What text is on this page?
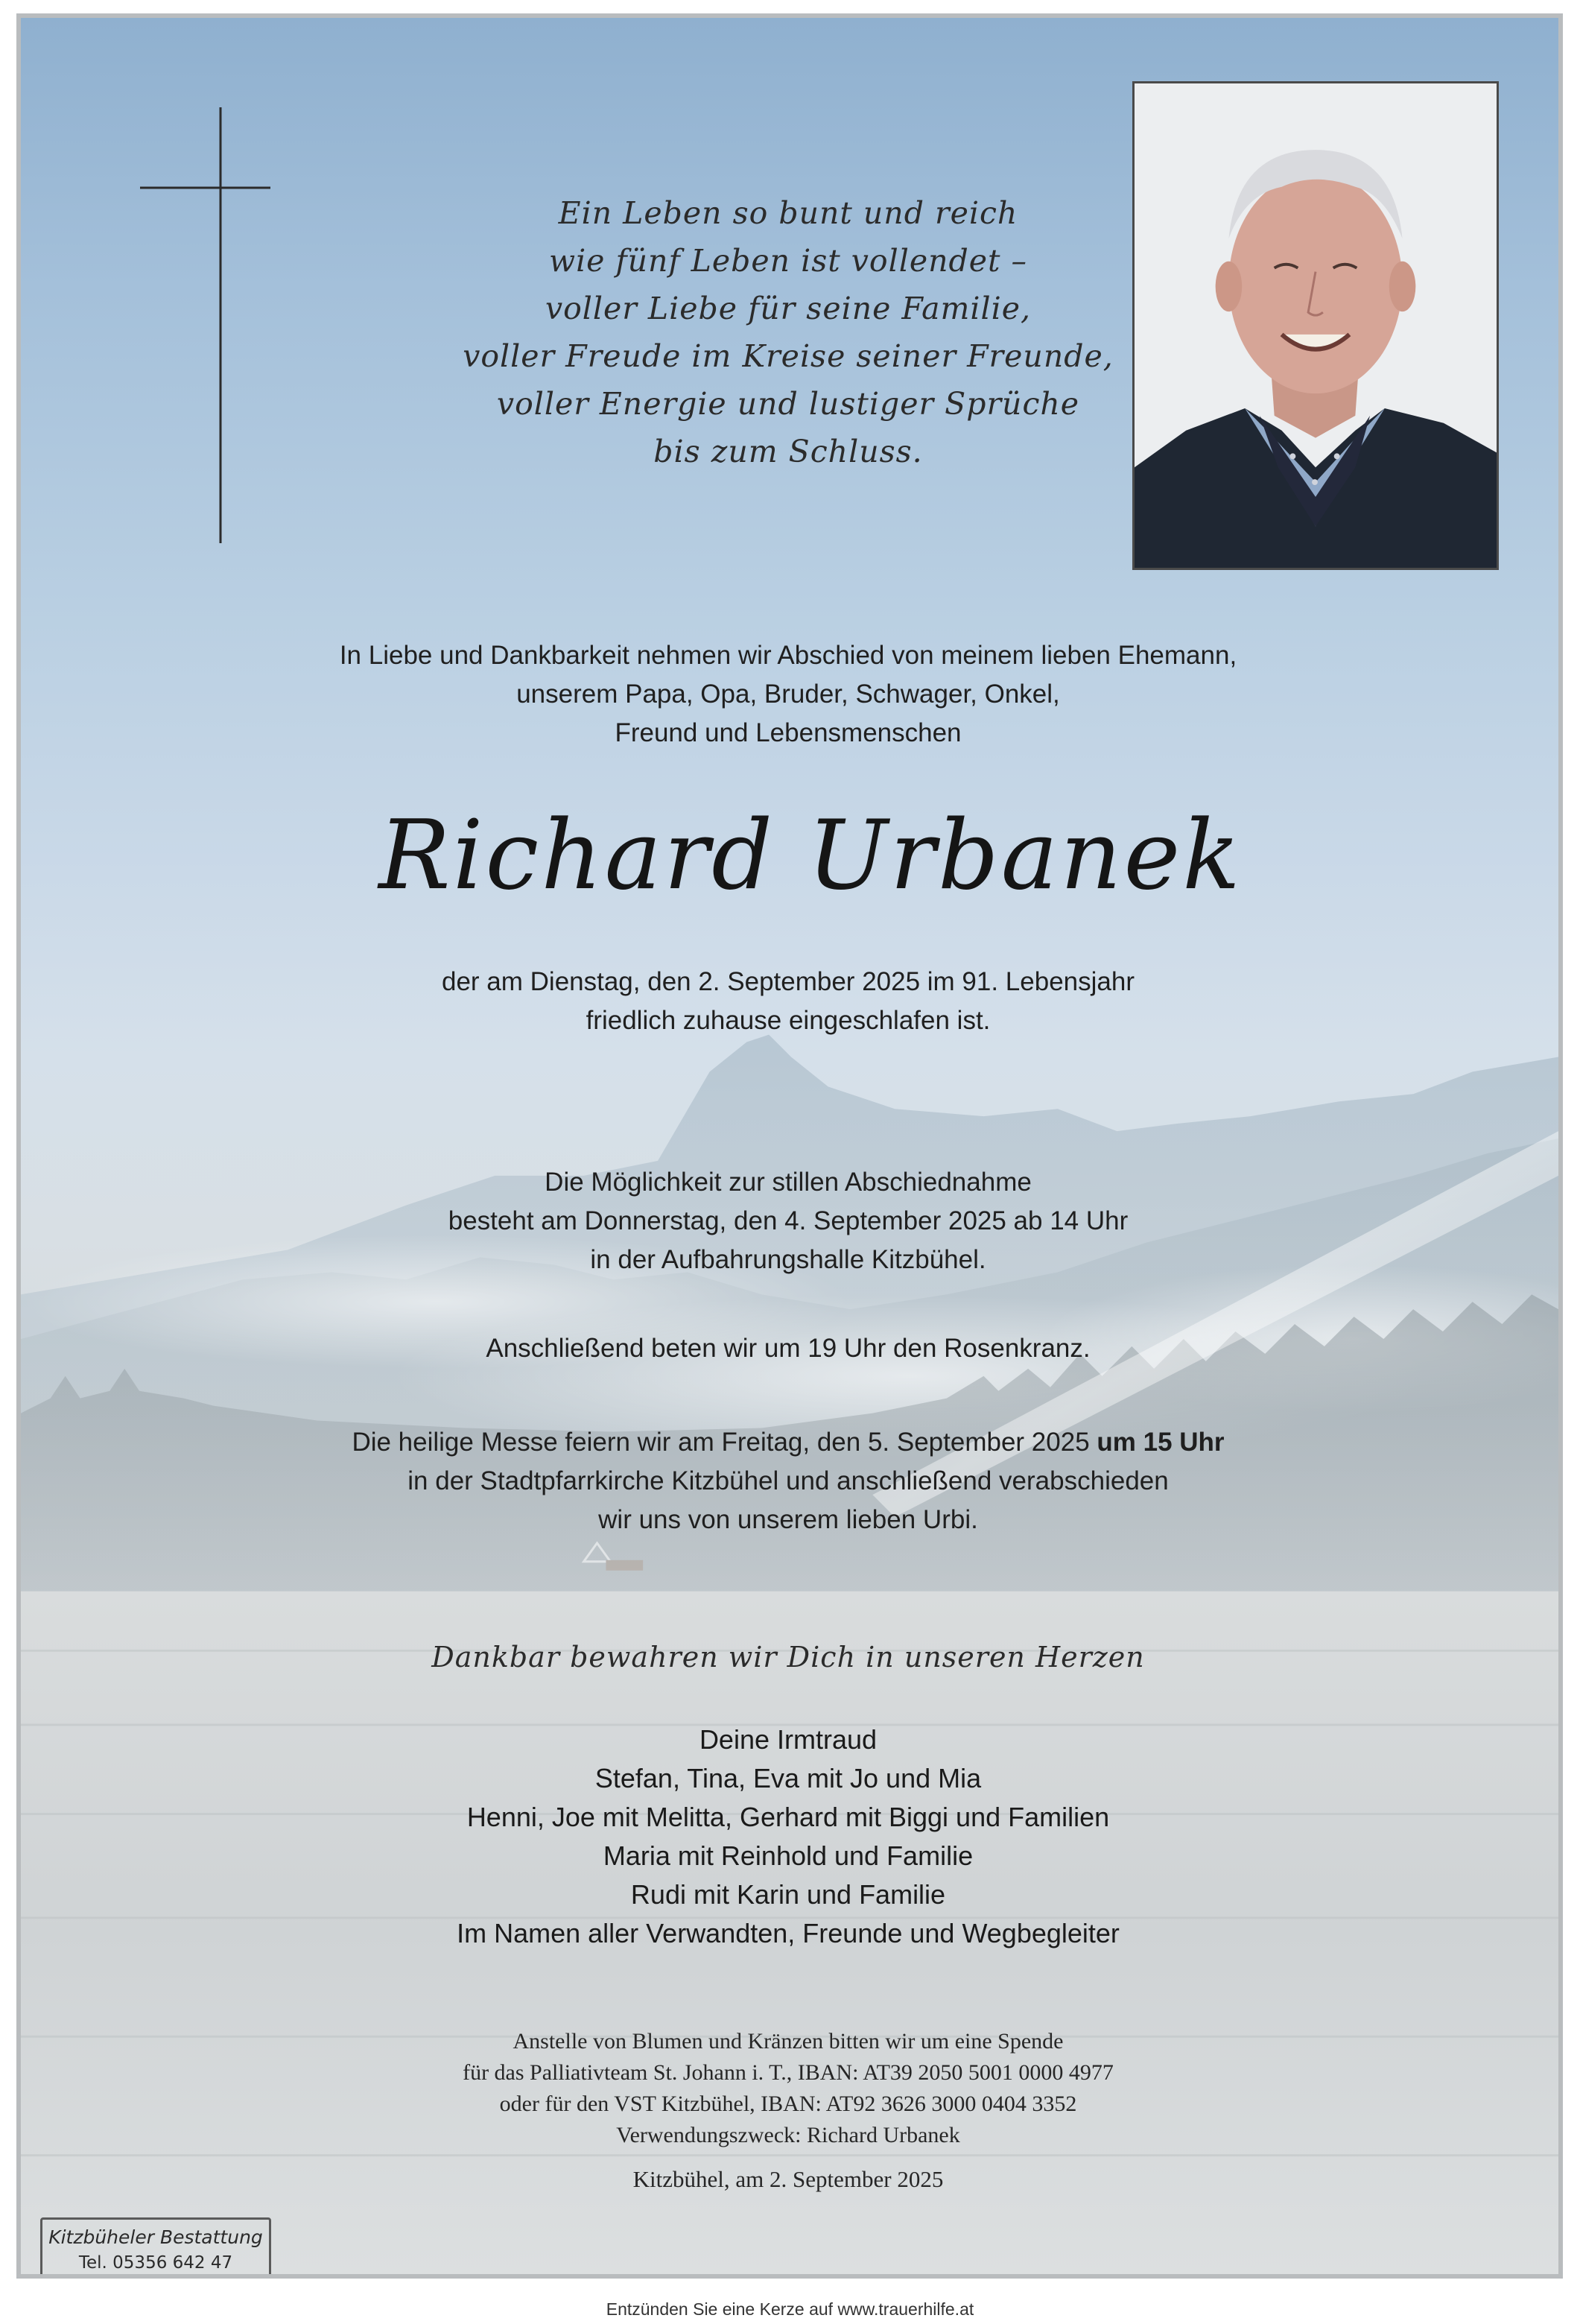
Ein Leben so bunt und reich
wie fünf Leben ist vollendet –
voller Liebe für seine Familie,
voller Freude im Kreise seiner Freunde,
voller Energie und lustiger Sprüche
bis zum Schluss.
In Liebe und Dankbarkeit nehmen wir Abschied von meinem lieben Ehemann,
unserem Papa, Opa, Bruder, Schwager, Onkel,
Freund und Lebensmenschen
Richard Urbanek
der am Dienstag, den 2. September 2025 im 91. Lebensjahr
friedlich zuhause eingeschlafen ist.
Die Möglichkeit zur stillen Abschiednahme
besteht am Donnerstag, den 4. September 2025 ab 14 Uhr
in der Aufbahrungshalle Kitzbühel.
Anschließend beten wir um 19 Uhr den Rosenkranz.
Die heilige Messe feiern wir am Freitag, den 5. September 2025 um 15 Uhr
in der Stadtpfarrkirche Kitzbühel und anschließend verabschieden
wir uns von unserem lieben Urbi.
Dankbar bewahren wir Dich in unseren Herzen
Deine Irmtraud
Stefan, Tina, Eva mit Jo und Mia
Henni, Joe mit Melitta, Gerhard mit Biggi und Familien
Maria mit Reinhold und Familie
Rudi mit Karin und Familie
Im Namen aller Verwandten, Freunde und Wegbegleiter
Anstelle von Blumen und Kränzen bitten wir um eine Spende
für das Palliativteam St. Johann i. T., IBAN: AT39 2050 5001 0000 4977
oder für den VST Kitzbühel, IBAN: AT92 3626 3000 0404 3352
Verwendungszweck: Richard Urbanek
Kitzbühel, am 2. September 2025
Kitzbüheler Bestattung
Tel. 05356 642 47
Entzünden Sie eine Kerze auf www.trauerhilfe.at
